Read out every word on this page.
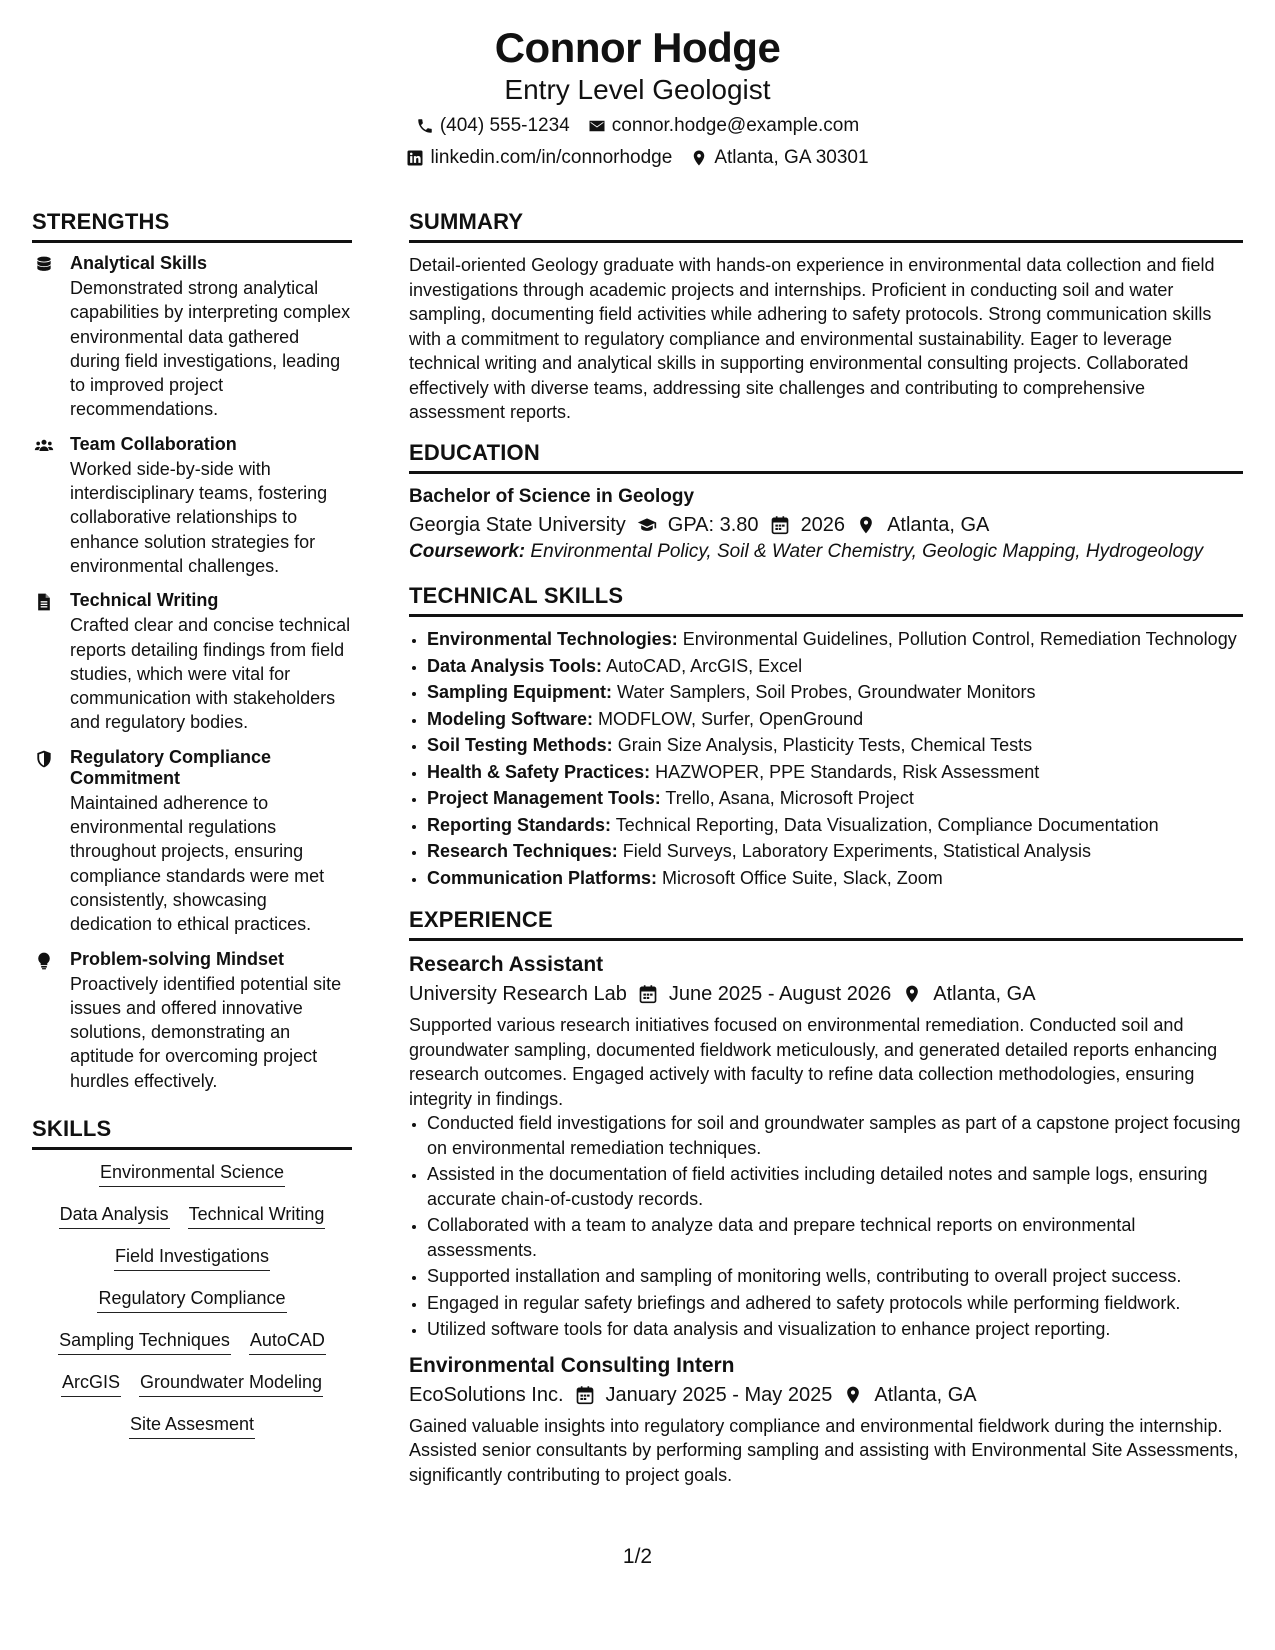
Connor Hodge
Entry Level Geologist
(404) 555-1234 connor.hodge@example.com
linkedin.com/in/connorhodge Atlanta, GA 30301
STRENGTHS
Analytical Skills
Demonstrated strong analytical capabilities by interpreting complex environmental data gathered during field investigations, leading to improved project recommendations.
Team Collaboration
Worked side-by-side with interdisciplinary teams, fostering collaborative relationships to enhance solution strategies for environmental challenges.
Technical Writing
Crafted clear and concise technical reports detailing findings from field studies, which were vital for communication with stakeholders and regulatory bodies.
Regulatory Compliance Commitment
Maintained adherence to environmental regulations throughout projects, ensuring compliance standards were met consistently, showcasing dedication to ethical practices.
Problem-solving Mindset
Proactively identified potential site issues and offered innovative solutions, demonstrating an aptitude for overcoming project hurdles effectively.
SKILLS
Environmental Science
Data Analysis Technical Writing
Field Investigations
Regulatory Compliance
Sampling Techniques AutoCAD
ArcGIS Groundwater Modeling
Site Assesment
SUMMARY
Detail-oriented Geology graduate with hands-on experience in environmental data collection and field investigations through academic projects and internships. Proficient in conducting soil and water sampling, documenting field activities while adhering to safety protocols. Strong communication skills with a commitment to regulatory compliance and environmental sustainability. Eager to leverage technical writing and analytical skills in supporting environmental consulting projects. Collaborated effectively with diverse teams, addressing site challenges and contributing to comprehensive assessment reports.
EDUCATION
Bachelor of Science in Geology
Georgia State University GPA: 3.80 2026 Atlanta, GA
Coursework: Environmental Policy, Soil & Water Chemistry, Geologic Mapping, Hydrogeology
TECHNICAL SKILLS
• Environmental Technologies: Environmental Guidelines, Pollution Control, Remediation Technology
• Data Analysis Tools: AutoCAD, ArcGIS, Excel
• Sampling Equipment: Water Samplers, Soil Probes, Groundwater Monitors
• Modeling Software: MODFLOW, Surfer, OpenGround
• Soil Testing Methods: Grain Size Analysis, Plasticity Tests, Chemical Tests
• Health & Safety Practices: HAZWOPER, PPE Standards, Risk Assessment
• Project Management Tools: Trello, Asana, Microsoft Project
• Reporting Standards: Technical Reporting, Data Visualization, Compliance Documentation
• Research Techniques: Field Surveys, Laboratory Experiments, Statistical Analysis
• Communication Platforms: Microsoft Office Suite, Slack, Zoom
EXPERIENCE
Research Assistant
University Research Lab June 2025 - August 2026 Atlanta, GA
Supported various research initiatives focused on environmental remediation. Conducted soil and groundwater sampling, documented fieldwork meticulously, and generated detailed reports enhancing research outcomes. Engaged actively with faculty to refine data collection methodologies, ensuring integrity in findings.
• Conducted field investigations for soil and groundwater samples as part of a capstone project focusing on environmental remediation techniques.
• Assisted in the documentation of field activities including detailed notes and sample logs, ensuring accurate chain-of-custody records.
• Collaborated with a team to analyze data and prepare technical reports on environmental assessments.
• Supported installation and sampling of monitoring wells, contributing to overall project success.
• Engaged in regular safety briefings and adhered to safety protocols while performing fieldwork.
• Utilized software tools for data analysis and visualization to enhance project reporting.
Environmental Consulting Intern
EcoSolutions Inc. January 2025 - May 2025 Atlanta, GA
Gained valuable insights into regulatory compliance and environmental fieldwork during the internship. Assisted senior consultants by performing sampling and assisting with Environmental Site Assessments, significantly contributing to project goals.
1/2
